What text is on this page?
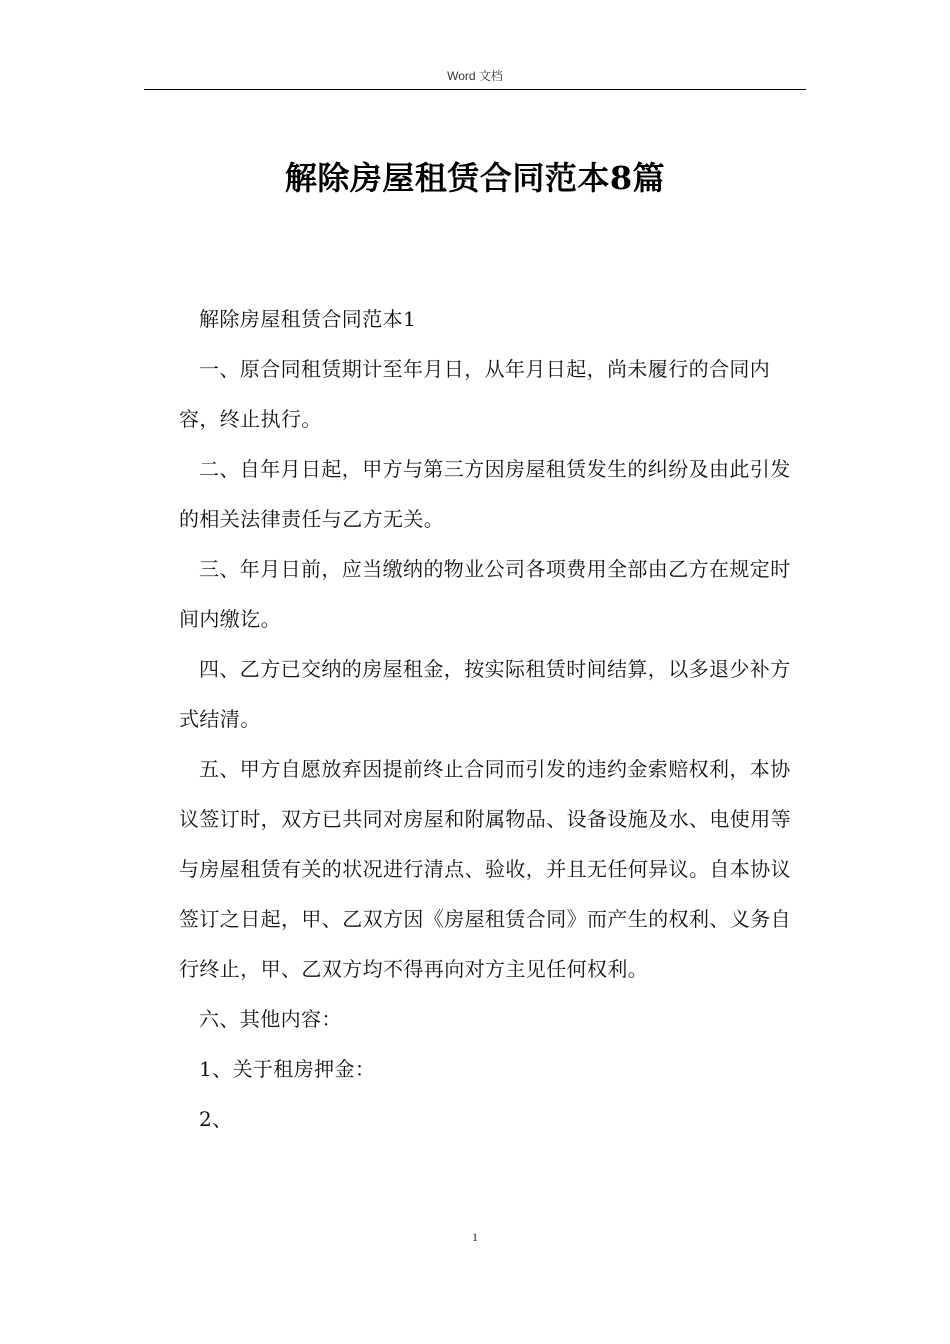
Word 文档
解除房屋租赁合同范本8篇

解除房屋租赁合同范本1

一、原合同租赁期计至年月日，从年月日起，尚未履行的合同内容，终止执行。

二、自年月日起，甲方与第三方因房屋租赁发生的纠纷及由此引发的相关法律责任与乙方无关。

三、年月日前，应当缴纳的物业公司各项费用全部由乙方在规定时间内缴讫。

四、乙方已交纳的房屋租金，按实际租赁时间结算，以多退少补方式结清。

五、甲方自愿放弃因提前终止合同而引发的违约金索赔权利，本协议签订时，双方已共同对房屋和附属物品、设备设施及水、电使用等与房屋租赁有关的状况进行清点、验收，并且无任何异议。自本协议签订之日起，甲、乙双方因《房屋租赁合同》而产生的权利、义务自行终止，甲、乙双方均不得再向对方主见任何权利。

六、其他内容：

1、关于租房押金：

2、

1
